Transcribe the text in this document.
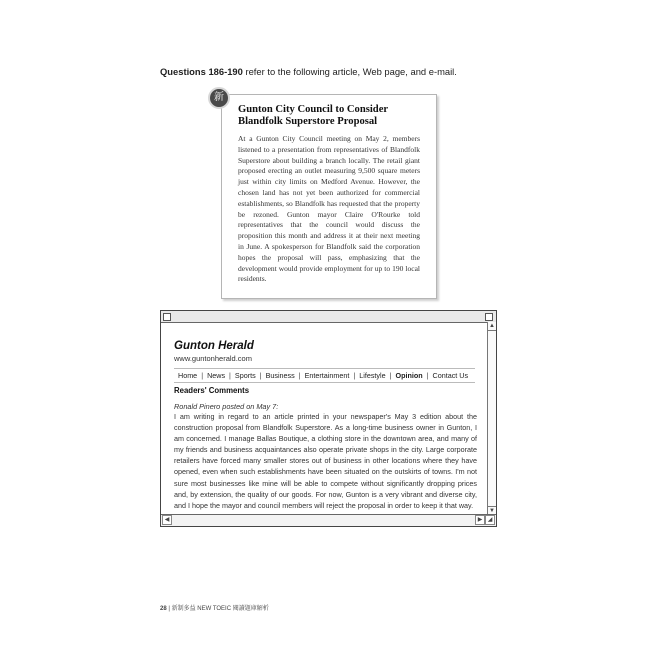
Questions 186-190 refer to the following article, Web page, and e-mail.
Gunton City Council to Consider Blandfolk Superstore Proposal
At a Gunton City Council meeting on May 2, members listened to a presentation from representatives of Blandfolk Superstore about building a branch locally. The retail giant proposed erecting an outlet measuring 9,500 square meters just within city limits on Medford Avenue. However, the chosen land has not yet been authorized for commercial establishments, so Blandfolk has requested that the property be rezoned. Gunton mayor Claire O'Rourke told representatives that the council would discuss the proposition this month and address it at their next meeting in June. A spokesperson for Blandfolk said the corporation hopes the proposal will pass, emphasizing that the development would provide employment for up to 190 local residents.
新
▲
▼
Gunton Herald
www.guntonherald.com
Home | News | Sports | Business | Entertainment | Lifestyle | Opinion | Contact Us
Readers' Comments
Ronald Pinero posted on May 7:
I am writing in regard to an article printed in your newspaper's May 3 edition about the construction proposal from Blandfolk Superstore. As a long-time business owner in Gunton, I am concerned. I manage Ballas Boutique, a clothing store in the downtown area, and many of my friends and business acquaintances also operate private shops in the city. Large corporate retailers have forced many smaller stores out of business in other locations where they have opened, even when such establishments have been situated on the outskirts of towns. I'm not sure most businesses like mine will be able to compete without significantly dropping prices and, by extension, the quality of our goods. For now, Gunton is a very vibrant and diverse city, and I hope the mayor and council members will reject the proposal in order to keep it that way.
◀	▶ ◢
28 | 新制多益 NEW TOEIC 閱讀題庫解析
